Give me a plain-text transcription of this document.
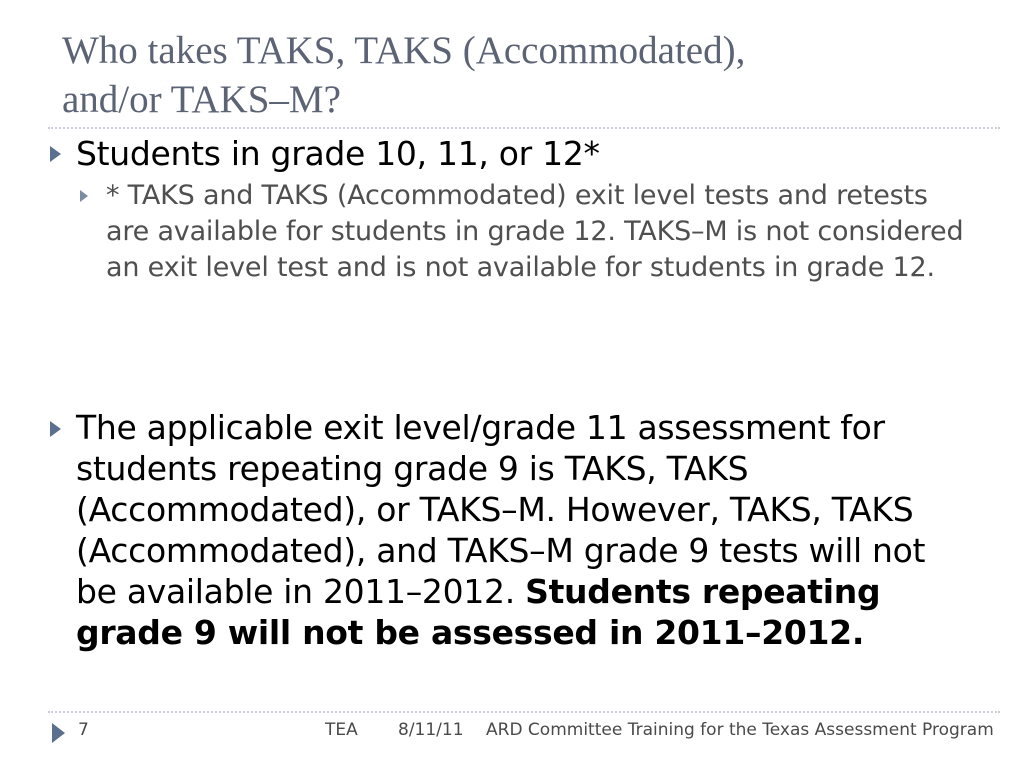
Who takes TAKS, TAKS (Accommodated),
and/or TAKS–M?

Students in grade 10, 11, or 12*

* TAKS and TAKS (Accommodated) exit level tests and retests are available for students in grade 12. TAKS–M is not considered an exit level test and is not available for students in grade 12.

The applicable exit level/grade 11 assessment for students repeating grade 9 is TAKS, TAKS (Accommodated), or TAKS–M. However, TAKS, TAKS (Accommodated), and TAKS–M grade 9 tests will not be available in 2011–2012. Students repeating grade 9 will not be assessed in 2011–2012.

7	TEA 8/11/11 ARD Committee Training for the Texas Assessment Program
